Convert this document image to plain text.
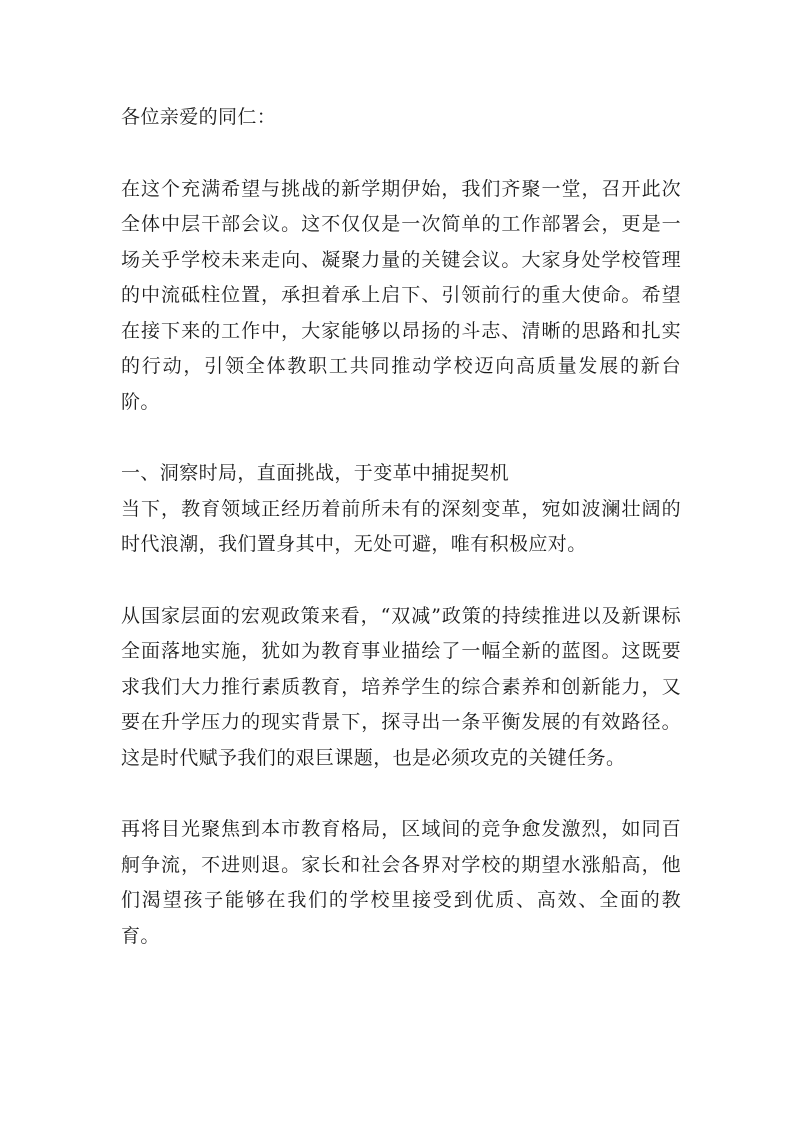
各位亲爱的同仁：

在这个充满希望与挑战的新学期伊始，我们齐聚一堂，召开此次全体中层干部会议。这不仅仅是一次简单的工作部署会，更是一场关乎学校未来走向、凝聚力量的关键会议。大家身处学校管理的中流砥柱位置，承担着承上启下、引领前行的重大使命。希望在接下来的工作中，大家能够以昂扬的斗志、清晰的思路和扎实的行动，引领全体教职工共同推动学校迈向高质量发展的新台阶。

一、洞察时局，直面挑战，于变革中捕捉契机

当下，教育领域正经历着前所未有的深刻变革，宛如波澜壮阔的时代浪潮，我们置身其中，无处可避，唯有积极应对。

从国家层面的宏观政策来看，“双减”政策的持续推进以及新课标全面落地实施，犹如为教育事业描绘了一幅全新的蓝图。这既要求我们大力推行素质教育，培养学生的综合素养和创新能力，又要在升学压力的现实背景下，探寻出一条平衡发展的有效路径。这是时代赋予我们的艰巨课题，也是必须攻克的关键任务。

再将目光聚焦到本市教育格局，区域间的竞争愈发激烈，如同百舸争流，不进则退。家长和社会各界对学校的期望水涨船高，他们渴望孩子能够在我们的学校里接受到优质、高效、全面的教育。
